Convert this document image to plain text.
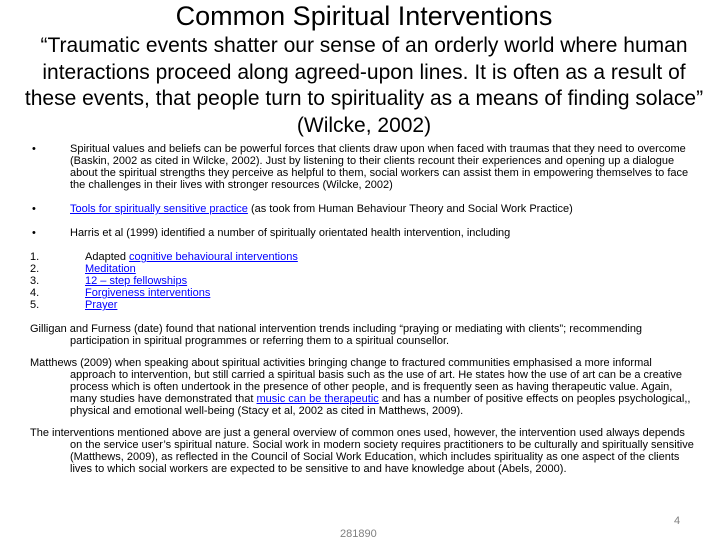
Common Spiritual Interventions
“Traumatic events shatter our sense of an orderly world where human interactions proceed along agreed-upon lines. It is often as a result of these events, that people turn to spirituality as a means of finding solace” (Wilcke, 2002)
•	Spiritual values and beliefs can be powerful forces that clients draw upon when faced with traumas that they need to overcome (Baskin, 2002 as cited in Wilcke, 2002). Just by listening to their clients recount their experiences and opening up a dialogue about the spiritual strengths they perceive as helpful to them, social workers can assist them in empowering themselves to face the challenges in their lives with stronger resources (Wilcke, 2002)
•	Tools for spiritually sensitive practice (as took from Human Behaviour Theory and Social Work Practice)
•	Harris et al (1999) identified a number of spiritually orientated health intervention, including
1.	Adapted cognitive behavioural interventions
2.	Meditation
3.	12 – step fellowships
4.	Forgiveness interventions
5.	Prayer
Gilligan and Furness (date) found that national intervention trends including “praying or mediating with clients”; recommending participation in spiritual programmes or referring them to a spiritual counsellor.
Matthews (2009) when speaking about spiritual activities bringing change to fractured communities emphasised a more informal approach to intervention, but still carried a spiritual basis such as the use of art. He states how the use of art can be a creative process which is often undertook in the presence of other people, and is frequently seen as having therapeutic value. Again, many studies have demonstrated that music can be therapeutic and has a number of positive effects on peoples psychological,, physical and emotional well-being (Stacy et al, 2002 as cited in Matthews, 2009).
The interventions mentioned above are just a general overview of common ones used, however, the intervention used always depends on the service user’s spiritual nature. Social work in modern society requires practitioners to be culturally and spiritually sensitive (Matthews, 2009), as reflected in the Council of Social Work Education, which includes spirituality as one aspect of the clients lives to which social workers are expected to be sensitive to and have knowledge about (Abels, 2000).
281890
4
